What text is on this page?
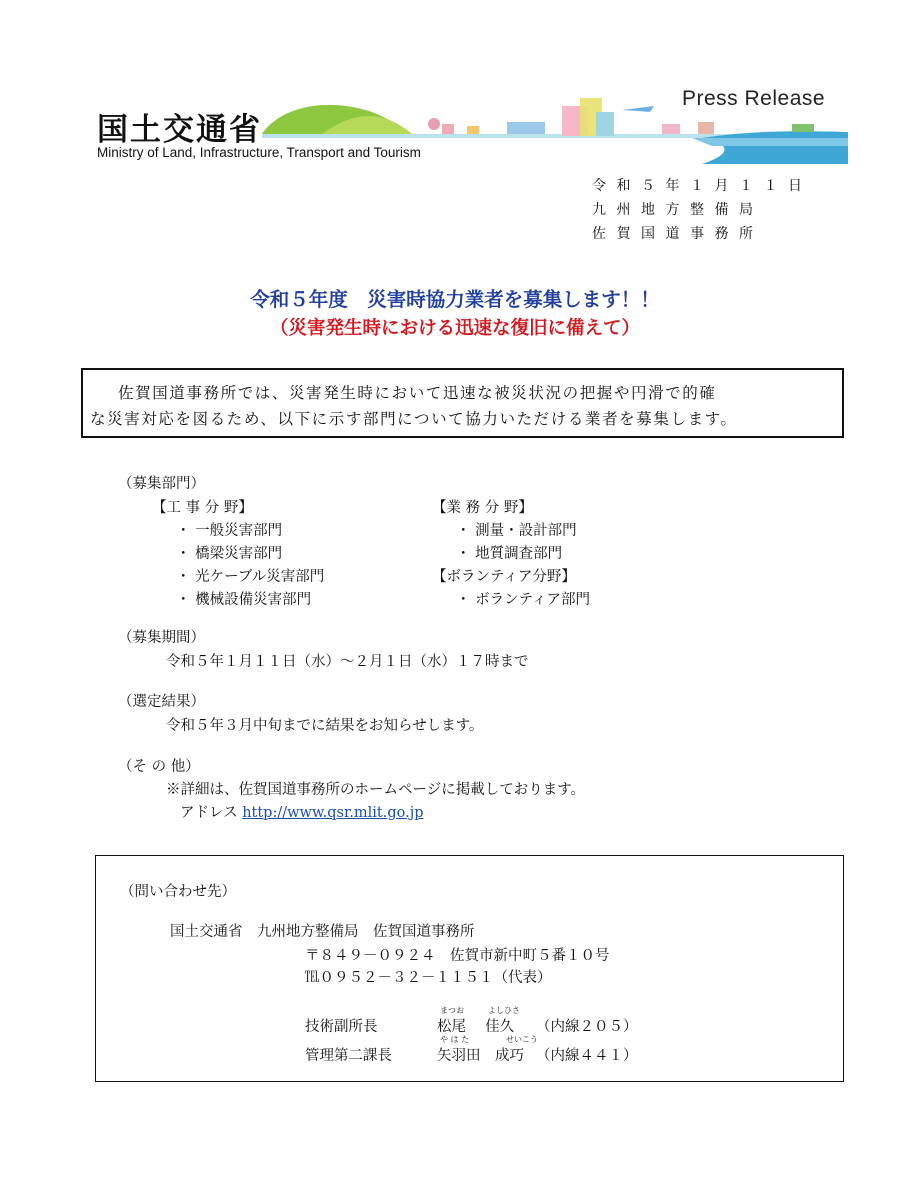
国土交通省
Ministry of Land, Infrastructure, Transport and Tourism
Press Release
令和５年１月１１日
九州地方整備局
佐賀国道事務所
令和５年度　災害時協力業者を募集します！！
（災害発生時における迅速な復旧に備えて）
佐賀国道事務所では、災害発生時において迅速な被災状況の把握や円滑で的確
な災害対応を図るため、以下に示す部門について協力いただける業者を募集します。
（募集部門）
【工 事 分 野】
・ 一般災害部門
・ 橋梁災害部門
・ 光ケーブル災害部門
・ 機械設備災害部門
【業 務 分 野】
・ 測量・設計部門
・ 地質調査部門
【ボランティア分野】
・ ボランティア部門
（募集期間）
令和５年１月１１日（水）～２月１日（水）１７時まで
（選定結果）
令和５年３月中旬までに結果をお知らせします。
（そ の 他）
※詳細は、佐賀国道事務所のホームページに掲載しております。
アドレス http://www.qsr.mlit.go.jp
（問い合わせ先）
国土交通省　九州地方整備局　佐賀国道事務所
〒８４９－０９２４　佐賀市新中町５番１０号
℡０９５２－３２－１１５１（代表）
まつお	よしひさ
技術副所長	松尾　 佳久 （内線２０５）
や は た	せいこう
管理第二課長	矢羽田　成巧 （内線４４１）
